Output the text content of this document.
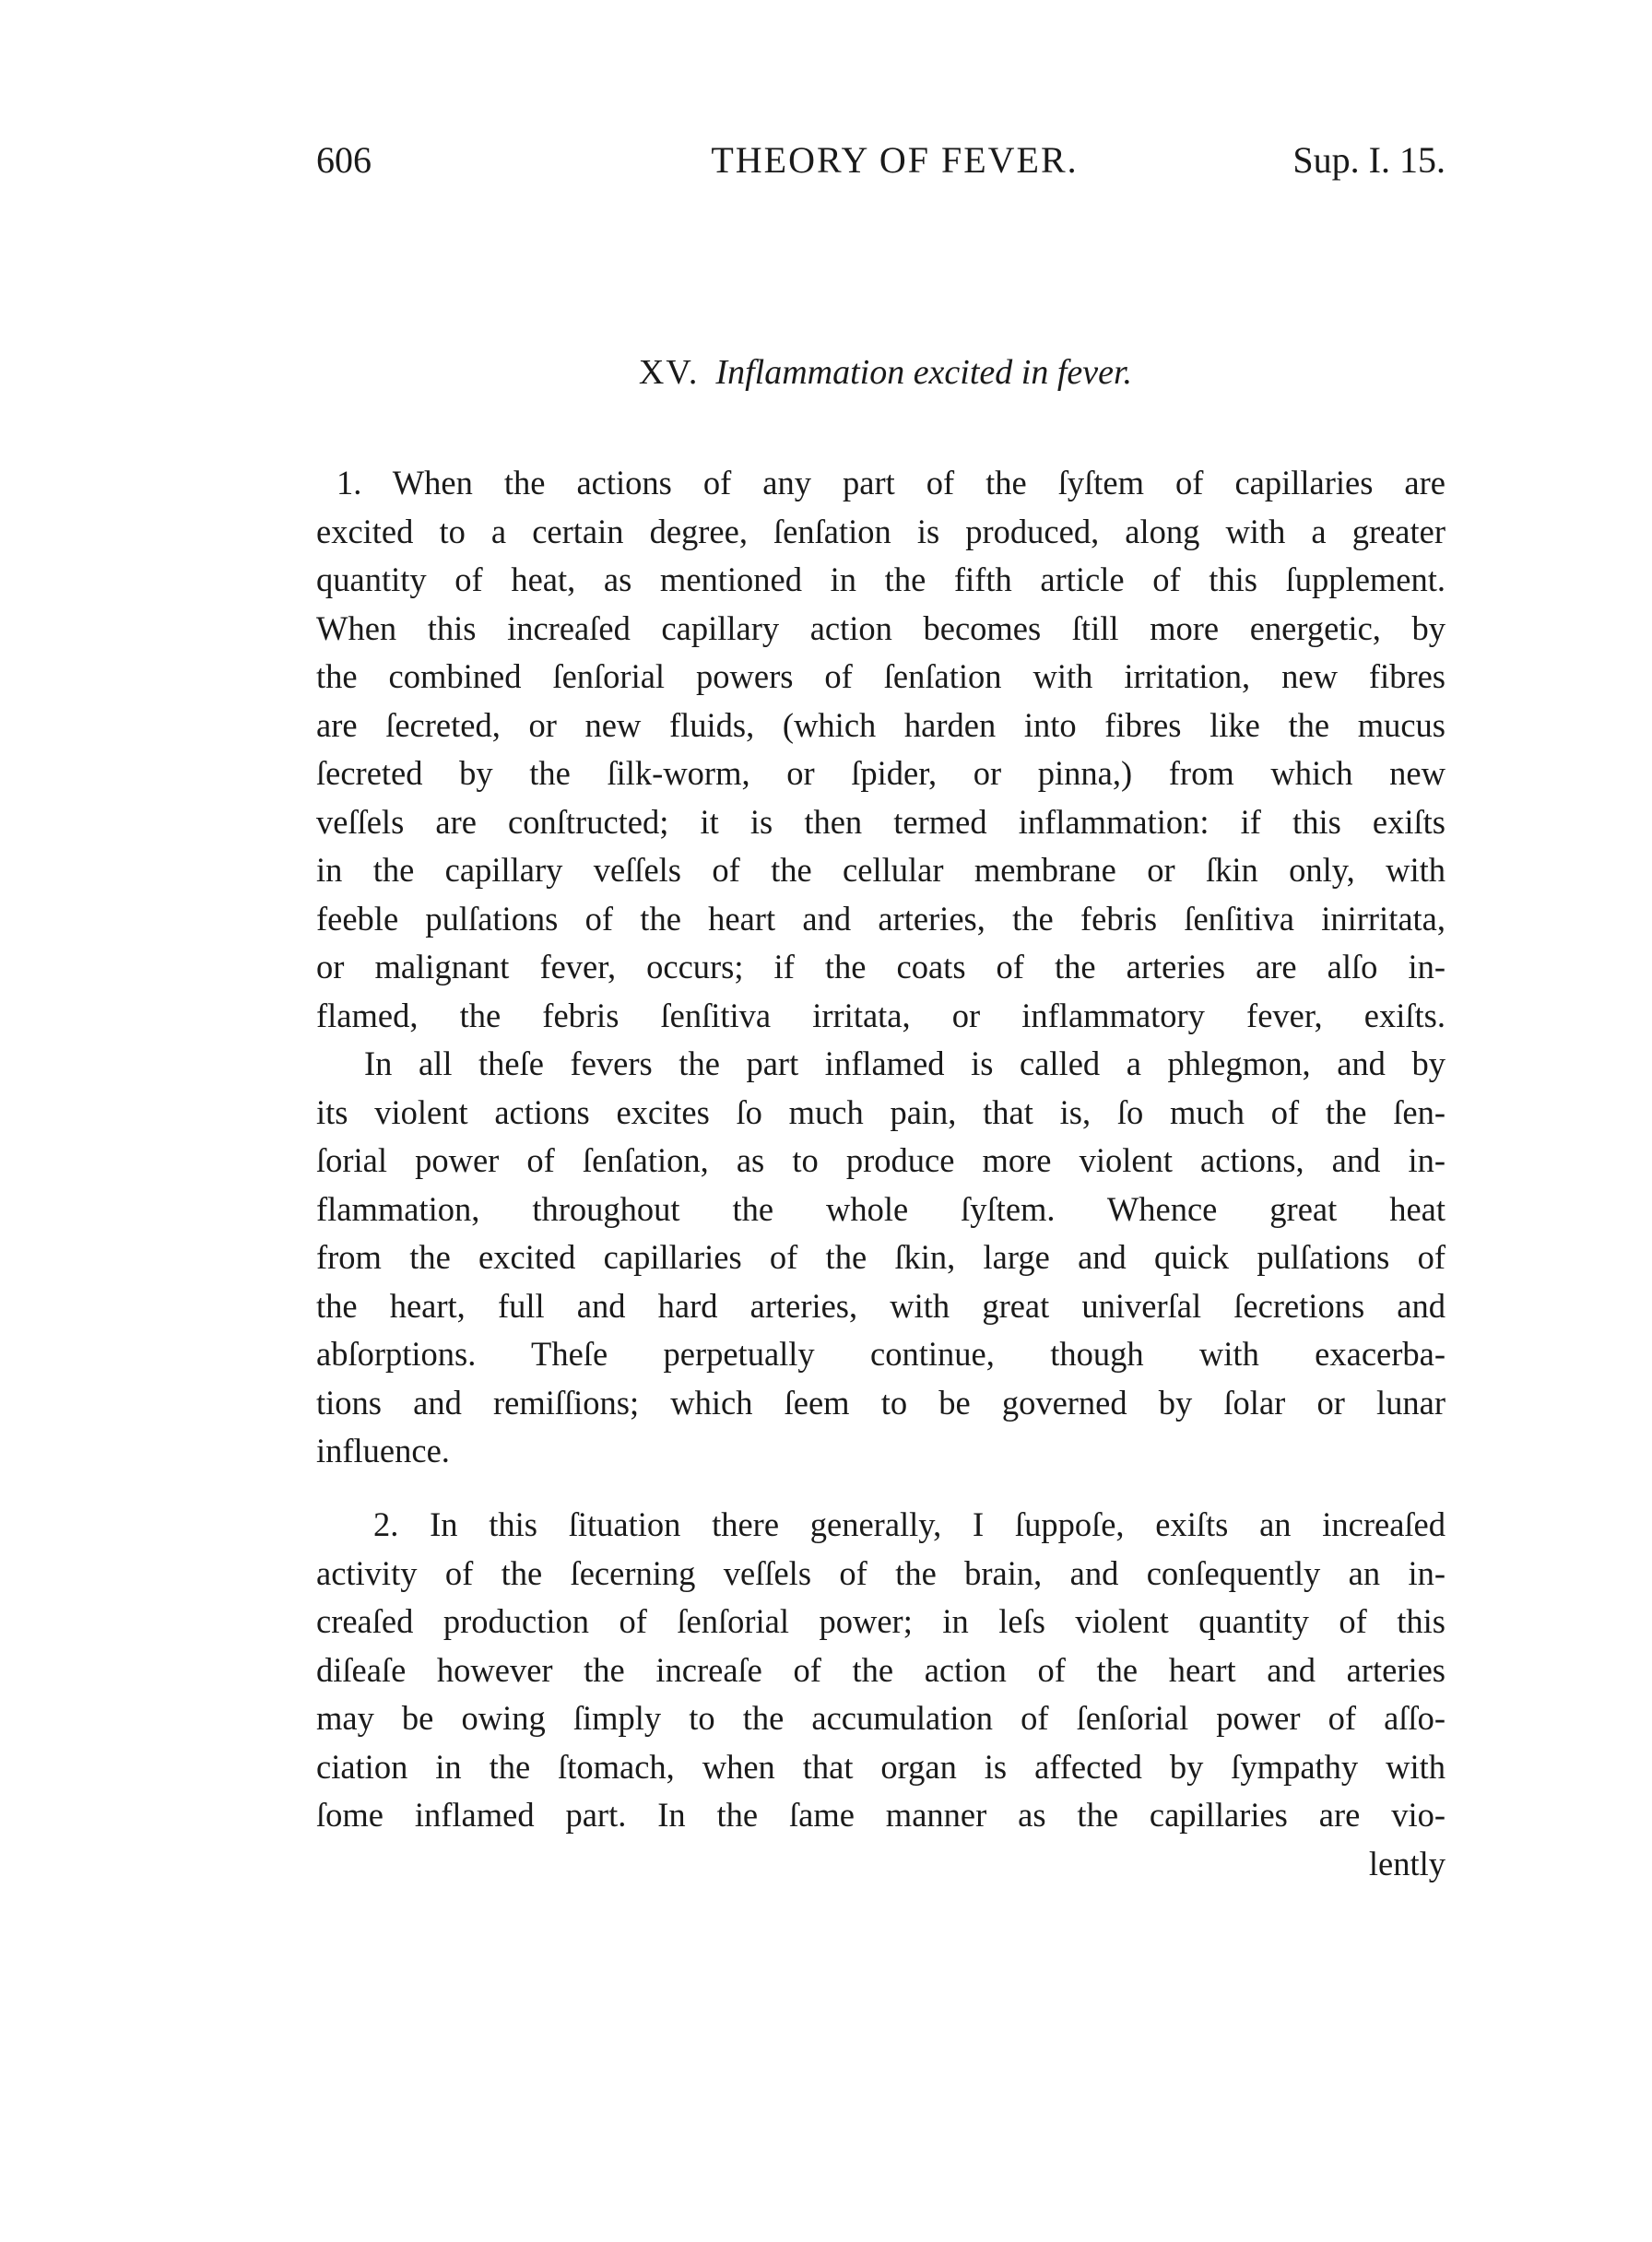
606	THEORY OF FEVER.	Sup. I. 15.
XV. Inflammation excited in fever.
1. When the actions of any part of the ſyſtem of capillaries are
excited to a certain degree, ſenſation is produced, along with a greater
quantity of heat, as mentioned in the fifth article of this ſupplement.
When this increaſed capillary action becomes ſtill more energetic, by
the combined ſenſorial powers of ſenſation with irritation, new fibres
are ſecreted, or new fluids, (which harden into fibres like the mucus
ſecreted by the ſilk-worm, or ſpider, or pinna,) from which new
veſſels are conſtructed; it is then termed inflammation: if this exiſts
in the capillary veſſels of the cellular membrane or ſkin only, with
feeble pulſations of the heart and arteries, the febris ſenſitiva inirritata,
or malignant fever, occurs; if the coats of the arteries are alſo in-
flamed, the febris ſenſitiva irritata, or inflammatory fever, exiſts.
In all theſe fevers the part inflamed is called a phlegmon, and by
its violent actions excites ſo much pain, that is, ſo much of the ſen-
ſorial power of ſenſation, as to produce more violent actions, and in-
flammation, throughout the whole ſyſtem. Whence great heat
from the excited capillaries of the ſkin, large and quick pulſations of
the heart, full and hard arteries, with great univerſal ſecretions and
abſorptions. Theſe perpetually continue, though with exacerba-
tions and remiſſions; which ſeem to be governed by ſolar or lunar
influence.
2. In this ſituation there generally, I ſuppoſe, exiſts an increaſed
activity of the ſecerning veſſels of the brain, and conſequently an in-
creaſed production of ſenſorial power; in leſs violent quantity of this
diſeaſe however the increaſe of the action of the heart and arteries
may be owing ſimply to the accumulation of ſenſorial power of aſſo-
ciation in the ſtomach, when that organ is affected by ſympathy with
ſome inflamed part. In the ſame manner as the capillaries are vio-
lently
